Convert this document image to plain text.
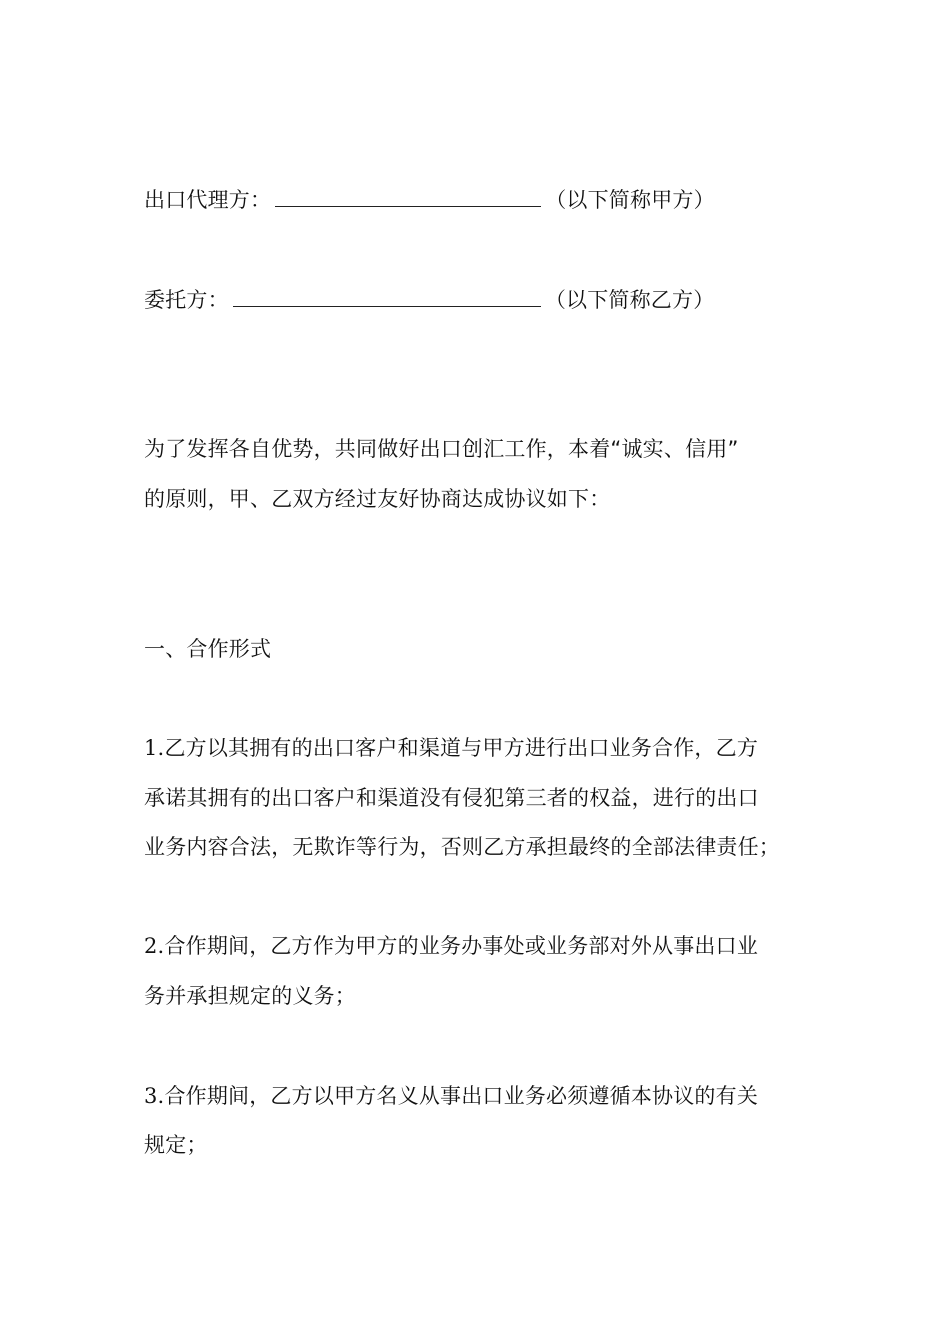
出口代理方：	（以下简称甲方）
委托方：	（以下简称乙方）
为了发挥各自优势，共同做好出口创汇工作，本着“诚实、信用”
的原则，甲、乙双方经过友好协商达成协议如下：
一、合作形式
1.乙方以其拥有的出口客户和渠道与甲方进行出口业务合作，乙方
承诺其拥有的出口客户和渠道没有侵犯第三者的权益，进行的出口
业务内容合法，无欺诈等行为，否则乙方承担最终的全部法律责任；
2.合作期间，乙方作为甲方的业务办事处或业务部对外从事出口业
务并承担规定的义务；
3.合作期间，乙方以甲方名义从事出口业务必须遵循本协议的有关
规定；
